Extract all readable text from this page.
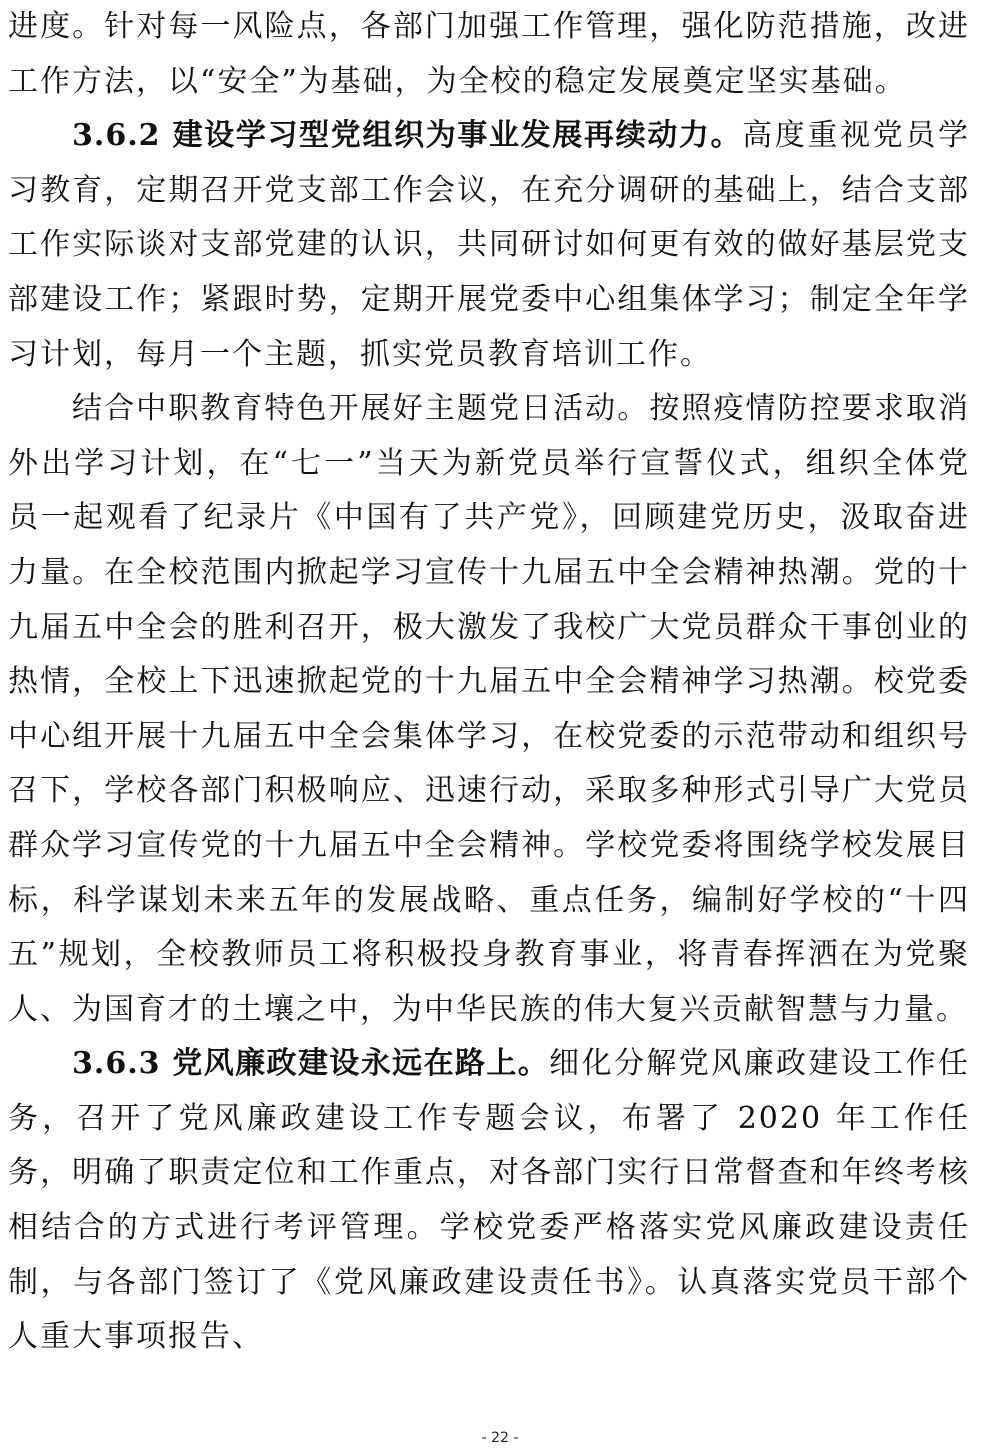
进度。针对每一风险点，各部门加强工作管理，强化防范措施，改进工作方法，以“安全”为基础，为全校的稳定发展奠定坚实基础。

3.6.2 建设学习型党组织为事业发展再续动力。高度重视党员学习教育，定期召开党支部工作会议，在充分调研的基础上，结合支部工作实际谈对支部党建的认识，共同研讨如何更有效的做好基层党支部建设工作；紧跟时势，定期开展党委中心组集体学习；制定全年学习计划，每月一个主题，抓实党员教育培训工作。

结合中职教育特色开展好主题党日活动。按照疫情防控要求取消外出学习计划，在“七一”当天为新党员举行宣誓仪式，组织全体党员一起观看了纪录片《中国有了共产党》，回顾建党历史，汲取奋进力量。在全校范围内掀起学习宣传十九届五中全会精神热潮。党的十九届五中全会的胜利召开，极大激发了我校广大党员群众干事创业的热情，全校上下迅速掀起党的十九届五中全会精神学习热潮。校党委中心组开展十九届五中全会集体学习，在校党委的示范带动和组织号召下，学校各部门积极响应、迅速行动，采取多种形式引导广大党员群众学习宣传党的十九届五中全会精神。学校党委将围绕学校发展目标，科学谋划未来五年的发展战略、重点任务，编制好学校的“十四五”规划，全校教师员工将积极投身教育事业，将青春挥洒在为党聚人、为国育才的土壤之中，为中华民族的伟大复兴贡献智慧与力量。

3.6.3 党风廉政建设永远在路上。细化分解党风廉政建设工作任务，召开了党风廉政建设工作专题会议，布署了 2020 年工作任务，明确了职责定位和工作重点，对各部门实行日常督查和年终考核相结合的方式进行考评管理。学校党委严格落实党风廉政建设责任制，与各部门签订了《党风廉政建设责任书》。认真落实党员干部个人重大事项报告、

- 22 -
